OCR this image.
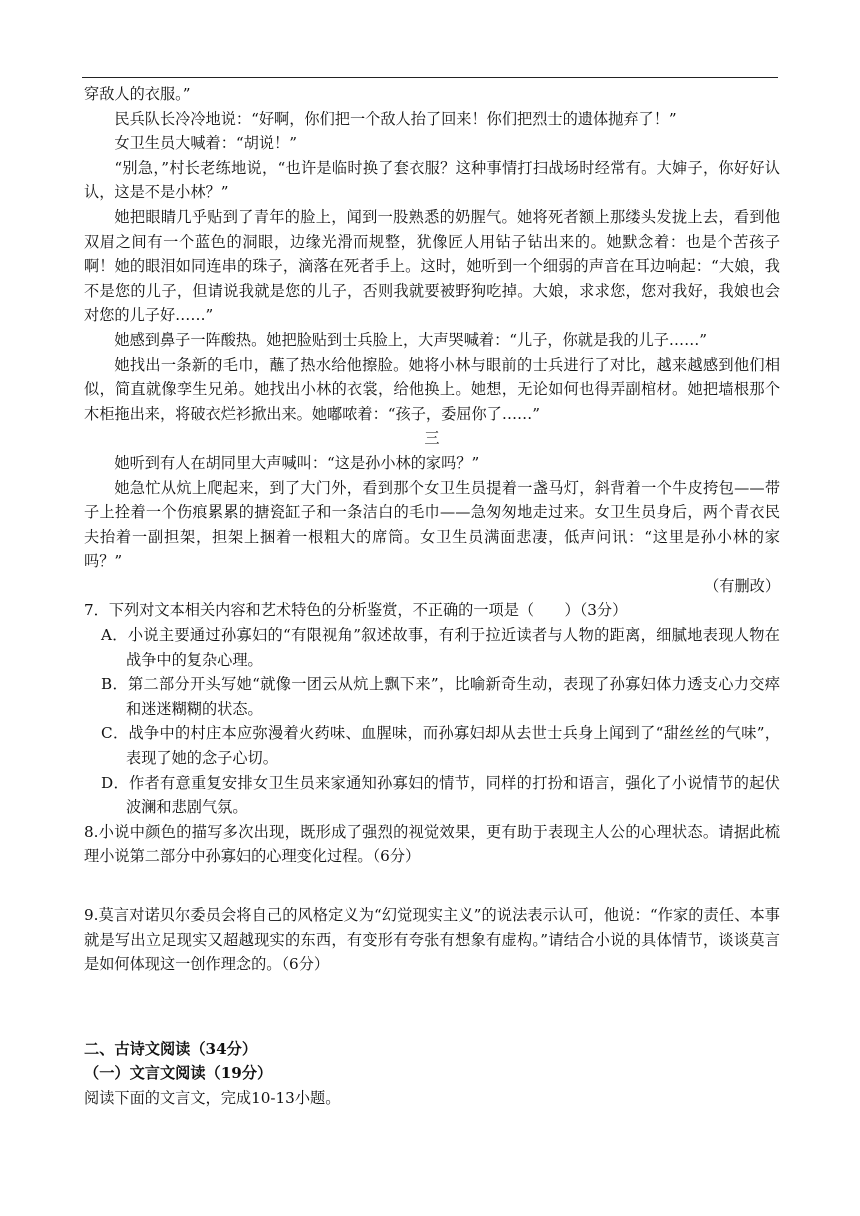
穿敌人的衣服。”

民兵队长冷冷地说：“好啊，你们把一个敌人抬了回来！你们把烈士的遗体抛弃了！”

女卫生员大喊着：“胡说！”

“别急，”村长老练地说，“也许是临时换了套衣服？这种事情打扫战场时经常有。大婶子，你好好认认，这是不是小林？”

她把眼睛几乎贴到了青年的脸上，闻到一股熟悉的奶腥气。她将死者额上那缕头发拢上去，看到他双眉之间有一个蓝色的洞眼，边缘光滑而规整，犹像匠人用钻子钻出来的。她默念着：也是个苦孩子啊！她的眼泪如同连串的珠子，滴落在死者手上。这时，她听到一个细弱的声音在耳边响起：“大娘，我不是您的儿子，但请说我就是您的儿子，否则我就要被野狗吃掉。大娘，求求您，您对我好，我娘也会对您的儿子好……”

她感到鼻子一阵酸热。她把脸贴到士兵脸上，大声哭喊着：“儿子，你就是我的儿子……”

她找出一条新的毛巾，蘸了热水给他擦脸。她将小林与眼前的士兵进行了对比，越来越感到他们相似，简直就像孪生兄弟。她找出小林的衣裳，给他换上。她想，无论如何也得弄副棺材。她把墙根那个木柜拖出来，将破衣烂衫掀出来。她嘟哝着：“孩子，委屈你了……”

三

她听到有人在胡同里大声喊叫：“这是孙小林的家吗？”

她急忙从炕上爬起来，到了大门外，看到那个女卫生员提着一盏马灯，斜背着一个牛皮挎包——带子上拴着一个伤痕累累的搪瓷缸子和一条洁白的毛巾——急匆匆地走过来。女卫生员身后，两个青衣民夫抬着一副担架，担架上捆着一根粗大的席筒。女卫生员满面悲凄，低声问讯：“这里是孙小林的家吗？”

（有删改）

7．下列对文本相关内容和艺术特色的分析鉴赏，不正确的一项是（　　）（3分）

A．小说主要通过孙寡妇的“有限视角”叙述故事，有利于拉近读者与人物的距离，细腻地表现人物在战争中的复杂心理。

B．第二部分开头写她“就像一团云从炕上飘下来”，比喻新奇生动，表现了孙寡妇体力透支心力交瘁和迷迷糊糊的状态。

C．战争中的村庄本应弥漫着火药味、血腥味，而孙寡妇却从去世士兵身上闻到了“甜丝丝的气味”，表现了她的念子心切。

D．作者有意重复安排女卫生员来家通知孙寡妇的情节，同样的打扮和语言，强化了小说情节的起伏波澜和悲剧气氛。

8.小说中颜色的描写多次出现，既形成了强烈的视觉效果，更有助于表现主人公的心理状态。请据此梳理小说第二部分中孙寡妇的心理变化过程。（6分）

9.莫言对诺贝尔委员会将自己的风格定义为“幻觉现实主义”的说法表示认可，他说：“作家的责任、本事就是写出立足现实又超越现实的东西，有变形有夸张有想象有虚构。”请结合小说的具体情节，谈谈莫言是如何体现这一创作理念的。（6分）

二、古诗文阅读（34分）

（一）文言文阅读（19分）

阅读下面的文言文，完成10-13小题。
